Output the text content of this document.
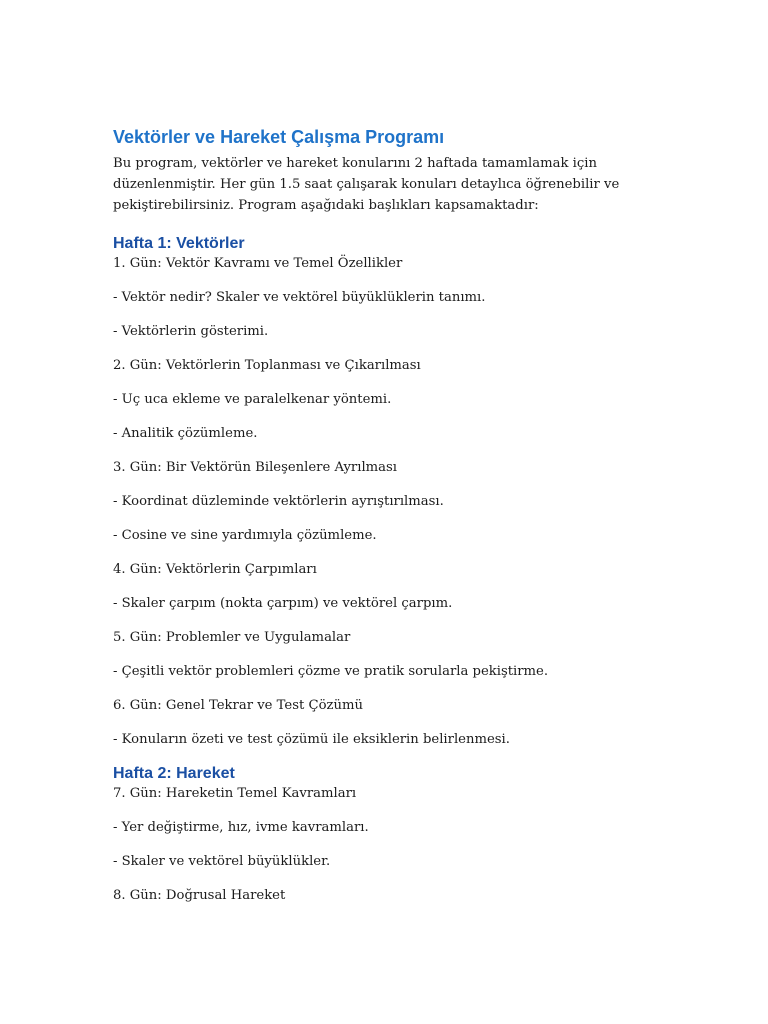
Vektörler ve Hareket Çalışma Programı

Bu program, vektörler ve hareket konularını 2 haftada tamamlamak için düzenlenmiştir. Her gün 1.5 saat çalışarak konuları detaylıca öğrenebilir ve pekiştirebilirsiniz. Program aşağıdaki başlıkları kapsamaktadır:

Hafta 1: Vektörler

1. Gün: Vektör Kavramı ve Temel Özellikler

- Vektör nedir? Skaler ve vektörel büyüklüklerin tanımı.

- Vektörlerin gösterimi.

2. Gün: Vektörlerin Toplanması ve Çıkarılması

- Uç uca ekleme ve paralelkenar yöntemi.

- Analitik çözümleme.

3. Gün: Bir Vektörün Bileşenlere Ayrılması

- Koordinat düzleminde vektörlerin ayrıştırılması.

- Cosine ve sine yardımıyla çözümleme.

4. Gün: Vektörlerin Çarpımları

- Skaler çarpım (nokta çarpım) ve vektörel çarpım.

5. Gün: Problemler ve Uygulamalar

- Çeşitli vektör problemleri çözme ve pratik sorularla pekiştirme.

6. Gün: Genel Tekrar ve Test Çözümü

- Konuların özeti ve test çözümü ile eksiklerin belirlenmesi.

Hafta 2: Hareket

7. Gün: Hareketin Temel Kavramları

- Yer değiştirme, hız, ivme kavramları.

- Skaler ve vektörel büyüklükler.

8. Gün: Doğrusal Hareket
